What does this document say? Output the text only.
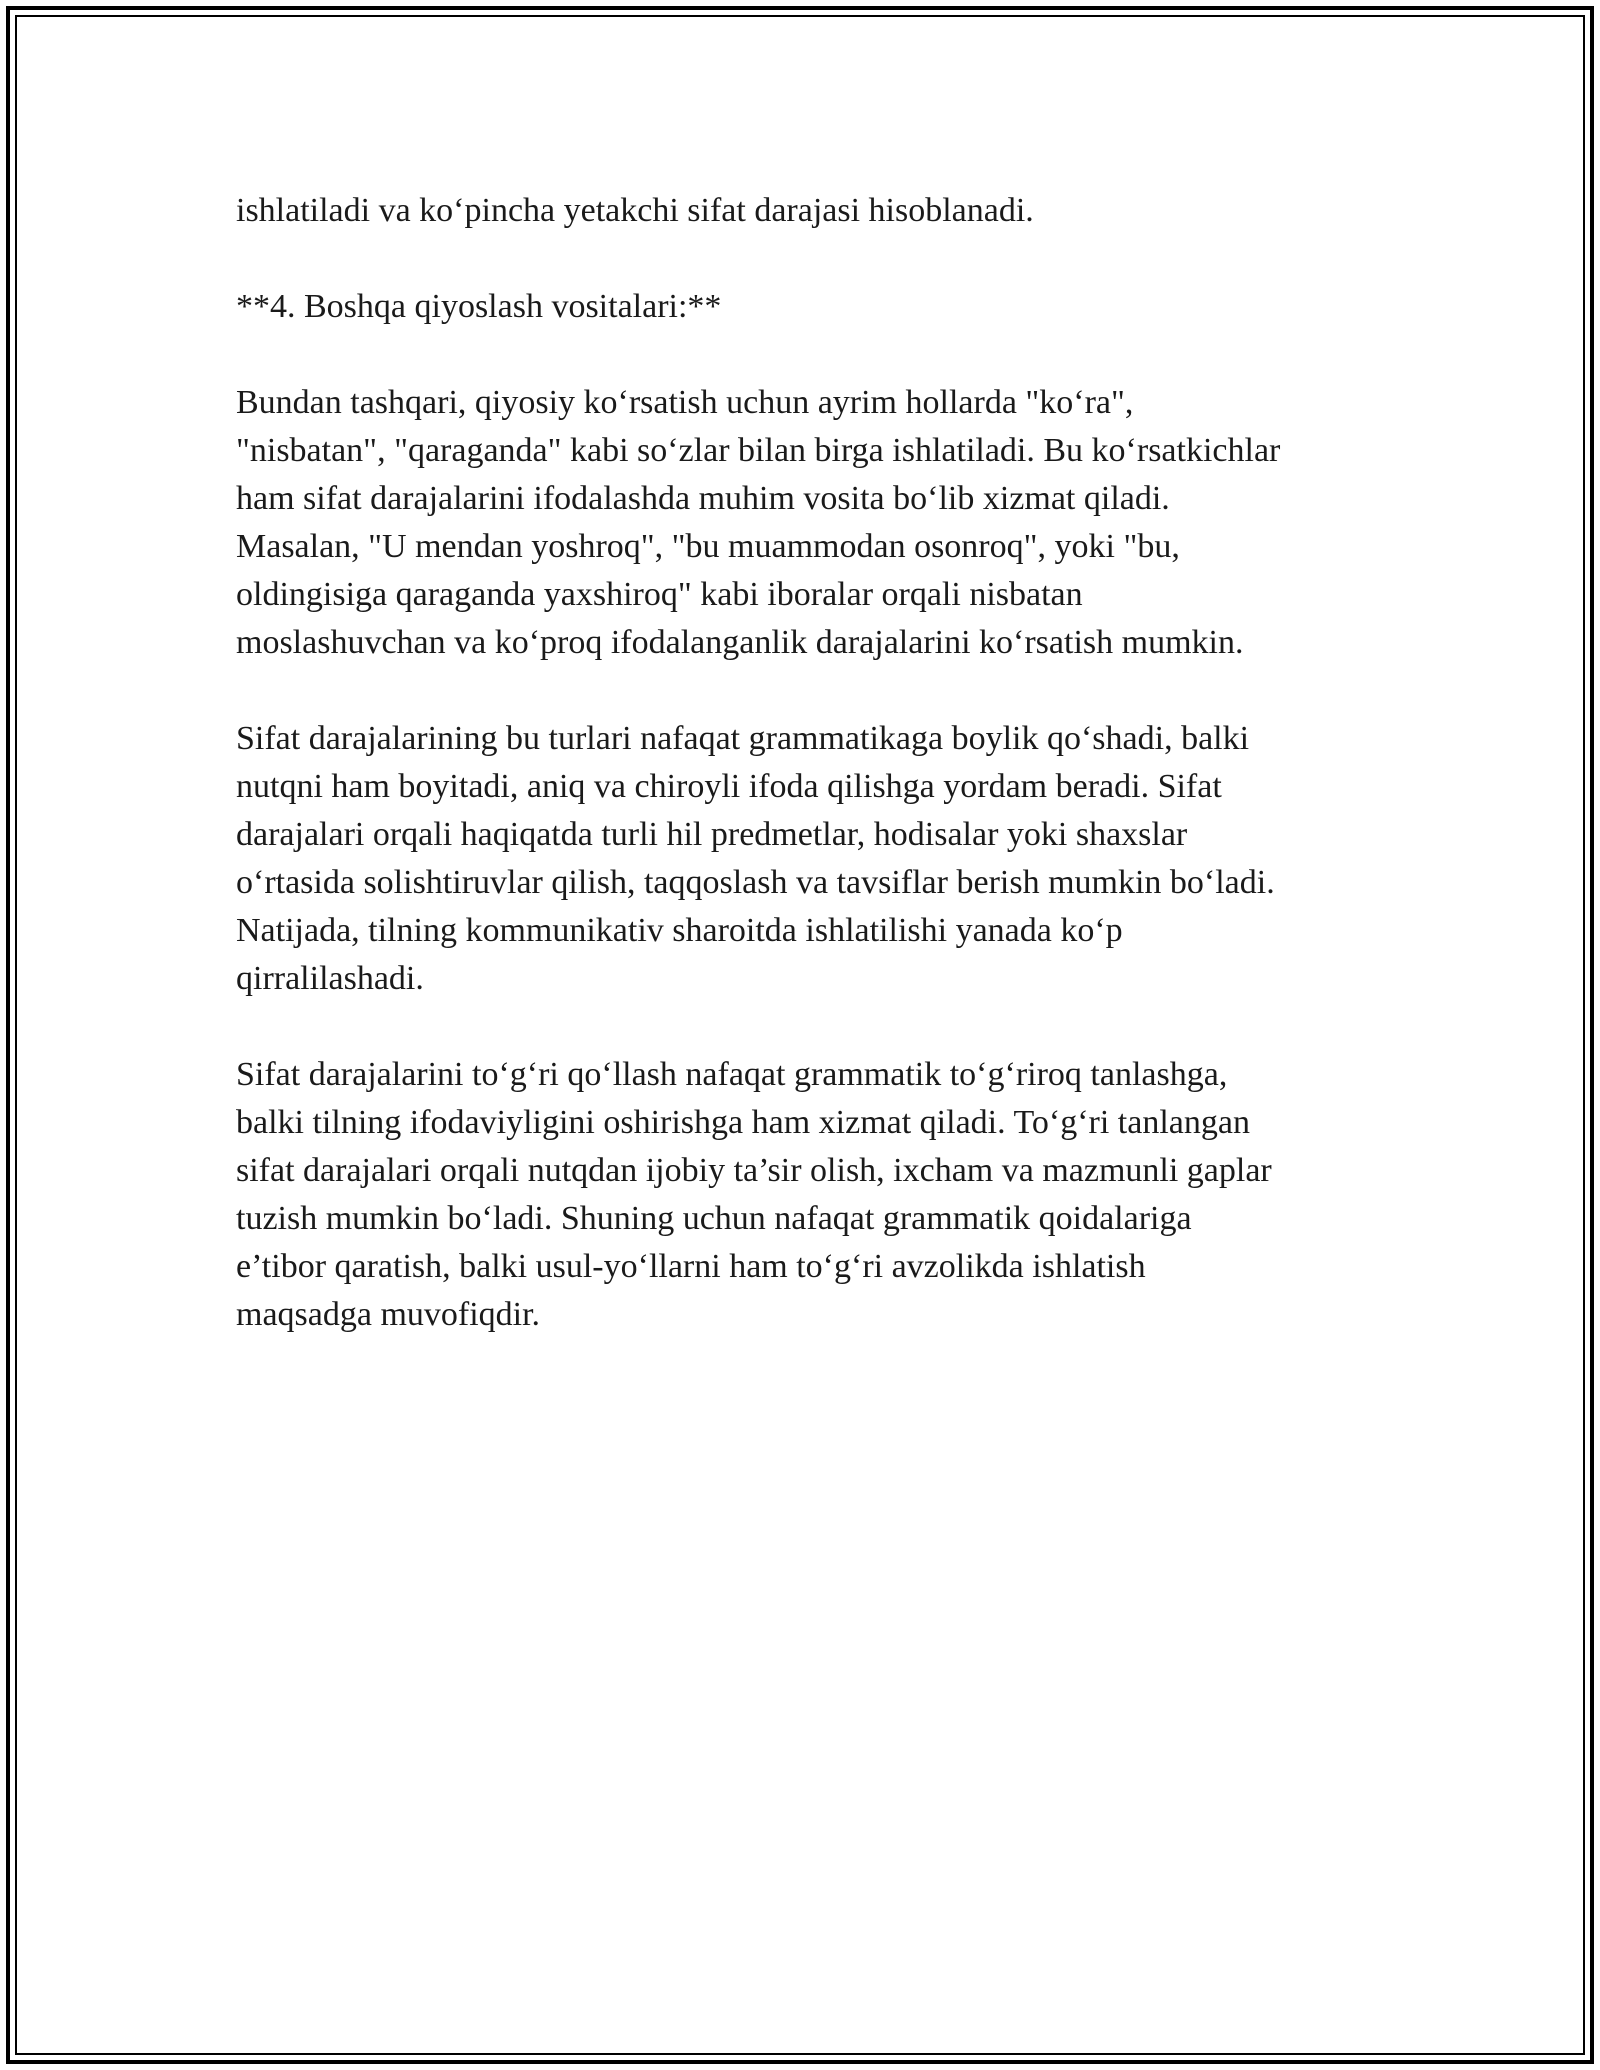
ishlatiladi va ko‘pincha yetakchi sifat darajasi hisoblanadi.

**4. Boshqa qiyoslash vositalari:**

Bundan tashqari, qiyosiy ko‘rsatish uchun ayrim hollarda "ko‘ra",
"nisbatan", "qaraganda" kabi so‘zlar bilan birga ishlatiladi. Bu ko‘rsatkichlar
ham sifat darajalarini ifodalashda muhim vosita bo‘lib xizmat qiladi.
Masalan, "U mendan yoshroq", "bu muammodan osonroq", yoki "bu,
oldingisiga qaraganda yaxshiroq" kabi iboralar orqali nisbatan
moslashuvchan va ko‘proq ifodalanganlik darajalarini ko‘rsatish mumkin.

Sifat darajalarining bu turlari nafaqat grammatikaga boylik qo‘shadi, balki
nutqni ham boyitadi, aniq va chiroyli ifoda qilishga yordam beradi. Sifat
darajalari orqali haqiqatda turli hil predmetlar, hodisalar yoki shaxslar
o‘rtasida solishtiruvlar qilish, taqqoslash va tavsiflar berish mumkin bo‘ladi.
Natijada, tilning kommunikativ sharoitda ishlatilishi yanada ko‘p
qirralilashadi.

Sifat darajalarini to‘g‘ri qo‘llash nafaqat grammatik to‘g‘riroq tanlashga,
balki tilning ifodaviyligini oshirishga ham xizmat qiladi. To‘g‘ri tanlangan
sifat darajalari orqali nutqdan ijobiy ta’sir olish, ixcham va mazmunli gaplar
tuzish mumkin bo‘ladi. Shuning uchun nafaqat grammatik qoidalariga
e’tibor qaratish, balki usul-yo‘llarni ham to‘g‘ri avzolikda ishlatish
maqsadga muvofiqdir.
